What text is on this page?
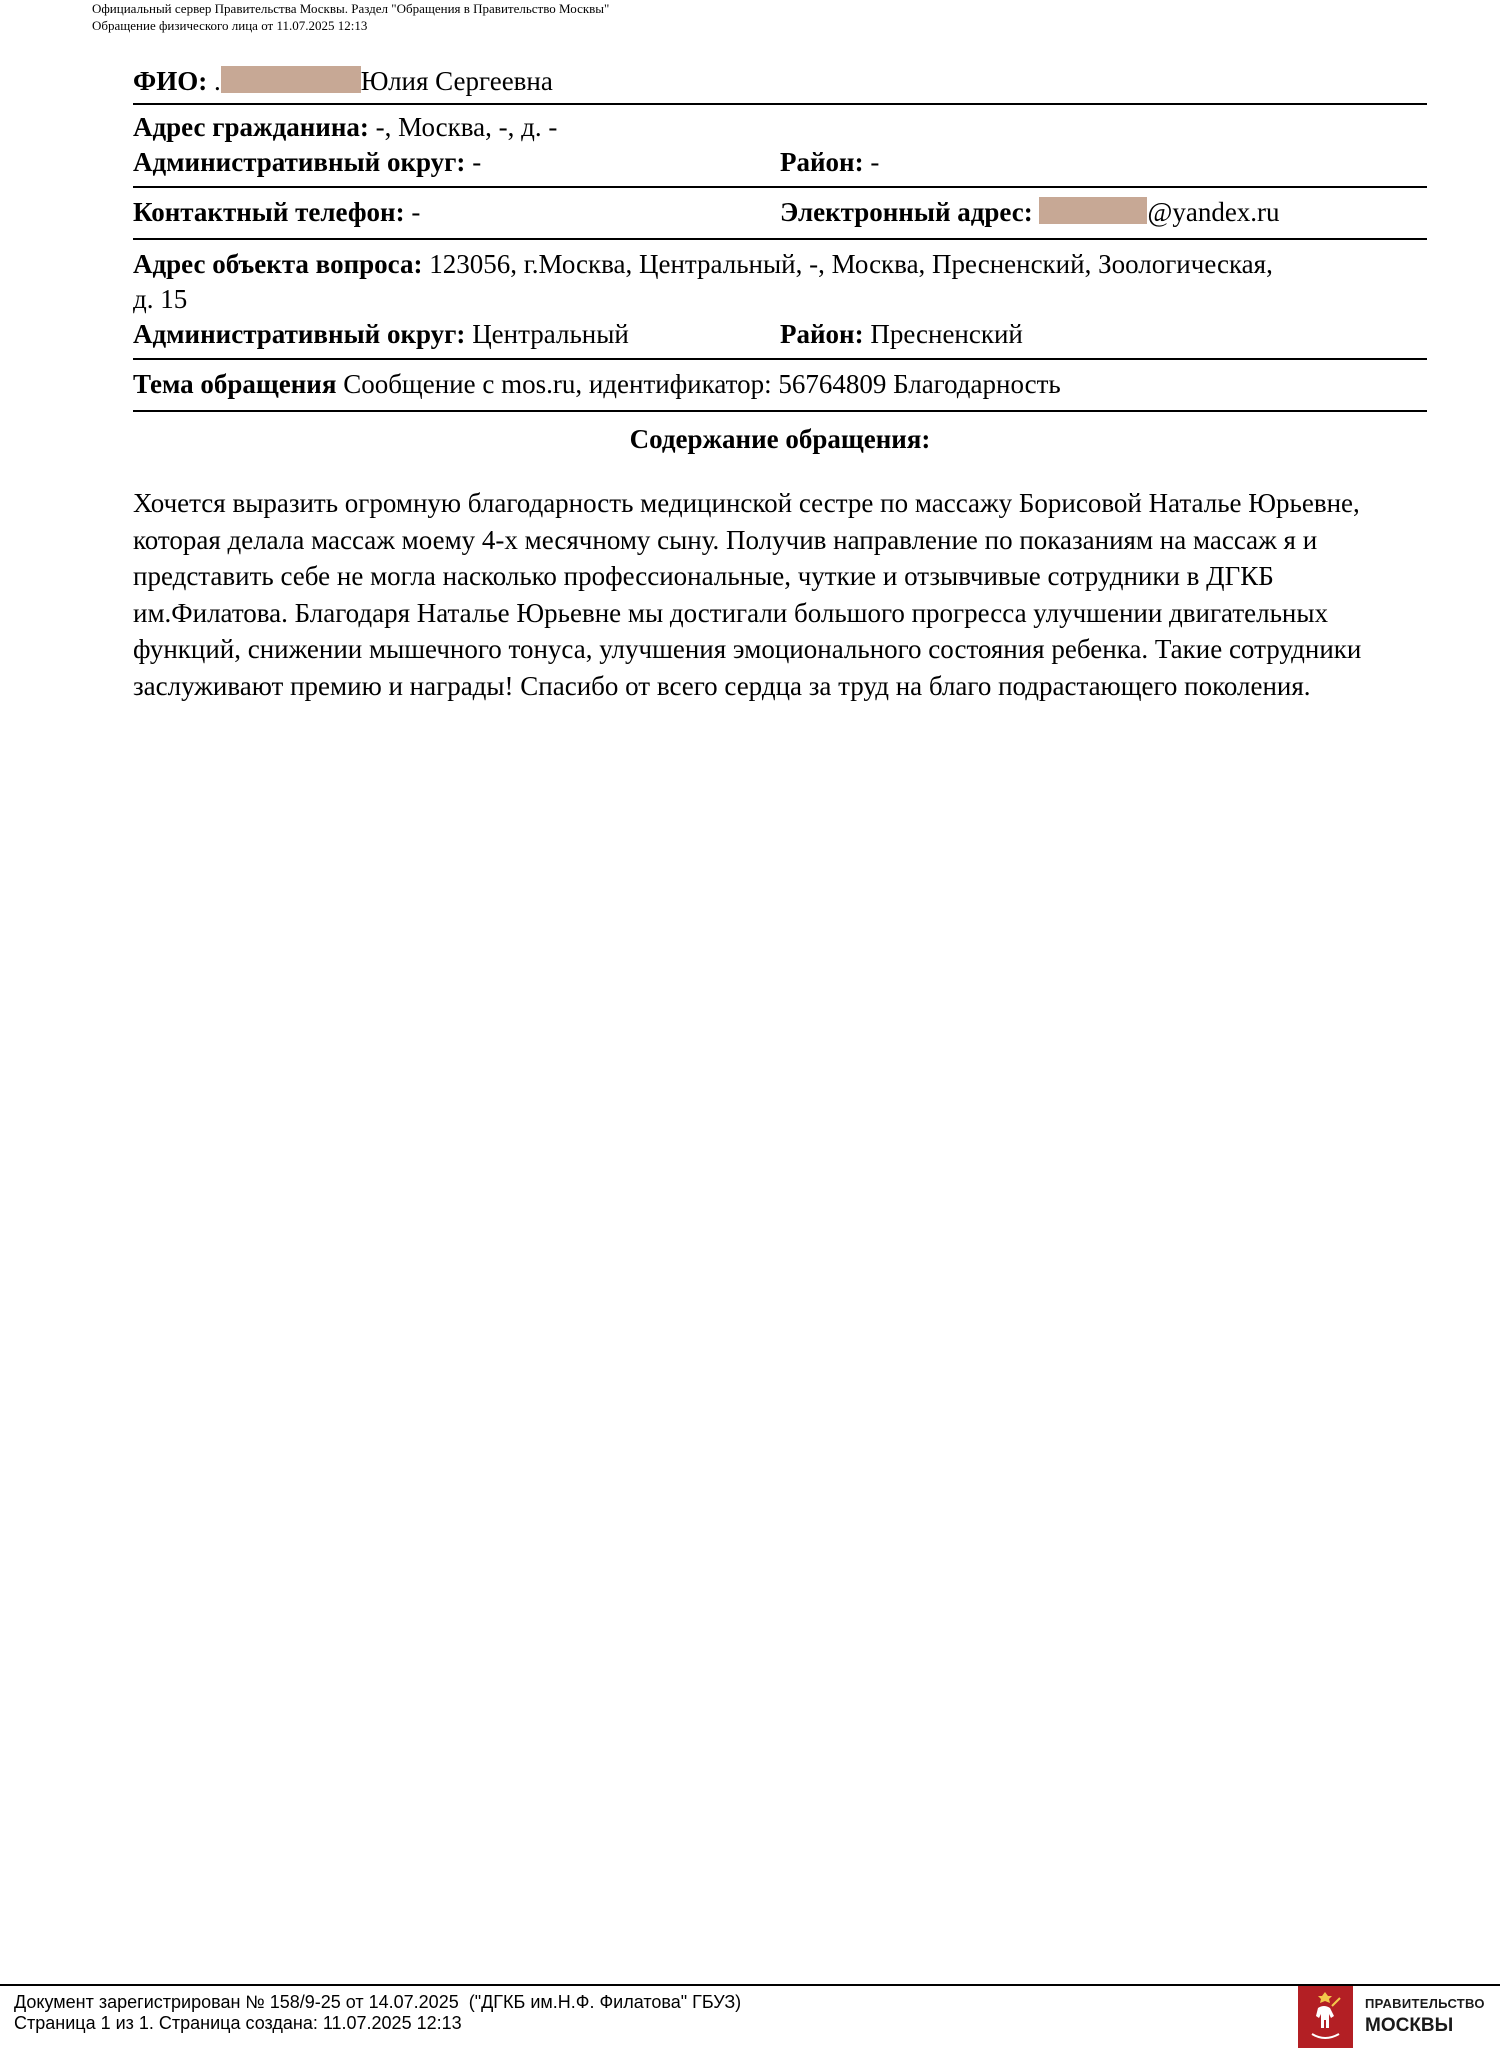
Официальный сервер Правительства Москвы. Раздел "Обращения в Правительство Москвы"
Обращение физического лица от 11.07.2025 12:13
ФИО: .	Юлия Сергеевна
Адрес гражданина: -, Москва, -, д. -
Административный округ: -	Район: -
Контактный телефон: -	Электронный адрес:	@yandex.ru
Адрес объекта вопроса: 123056, г.Москва, Центральный, -, Москва, Пресненский, Зоологическая,
д. 15
Административный округ: Центральный	Район: Пресненский
Тема обращения Сообщение с mos.ru, идентификатор: 56764809 Благодарность
Содержание обращения:
Хочется выразить огромную благодарность медицинской сестре по массажу Борисовой Наталье Юрьевне, которая делала массаж моему 4-х месячному сыну. Получив направление по показаниям на массаж я и представить себе не могла насколько профессиональные, чуткие и отзывчивые сотрудники в ДГКБ им.Филатова. Благодаря Наталье Юрьевне мы достигали большого прогресса улучшении двигательных функций, снижении мышечного тонуса, улучшения эмоционального состояния ребенка. Такие сотрудники заслуживают премию и награды! Спасибо от всего сердца за труд на благо подрастающего поколения.
Документ зарегистрирован № 158/9-25 от 14.07.2025  ("ДГКБ им.Н.Ф. Филатова" ГБУЗ)
Страница 1 из 1. Страница создана: 11.07.2025 12:13
ПРАВИТЕЛЬСТВО
МОСКВЫ
